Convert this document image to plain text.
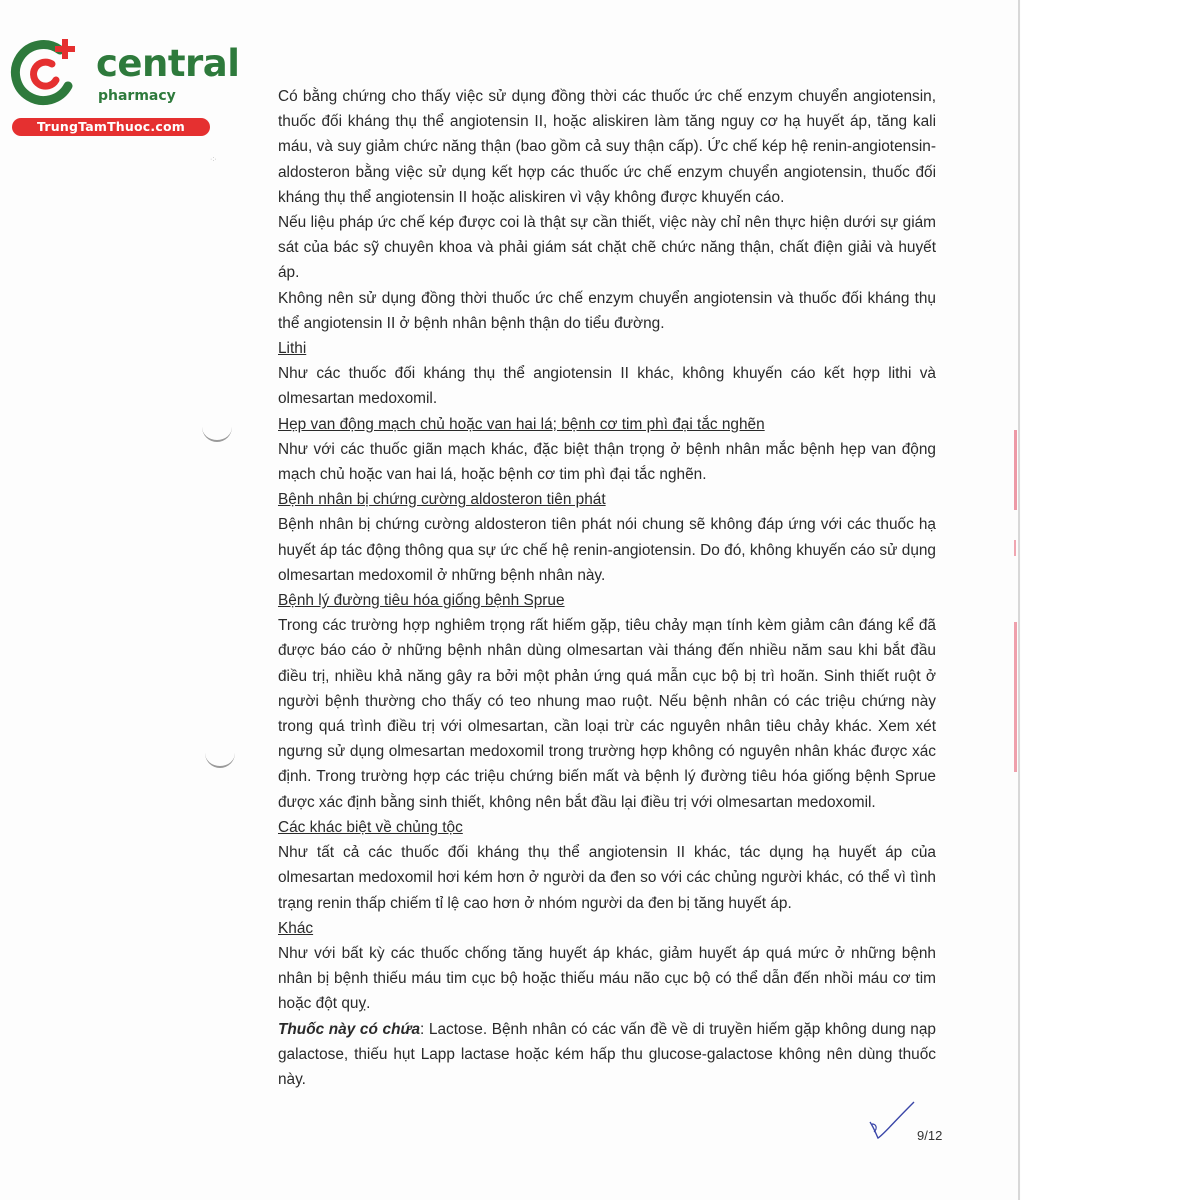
central
pharmacy
TrungTamThuoc.com
·:·

Có bằng chứng cho thấy việc sử dụng đồng thời các thuốc ức chế enzym chuyển angiotensin, thuốc đối kháng thụ thể angiotensin II, hoặc aliskiren làm tăng nguy cơ hạ huyết áp, tăng kali máu, và suy giảm chức năng thận (bao gồm cả suy thận cấp). Ức chế kép hệ renin-angiotensin-aldosteron bằng việc sử dụng kết hợp các thuốc ức chế enzym chuyển angiotensin, thuốc đối kháng thụ thể angiotensin II hoặc aliskiren vì vậy không được khuyến cáo.

Nếu liệu pháp ức chế kép được coi là thật sự cần thiết, việc này chỉ nên thực hiện dưới sự giám sát của bác sỹ chuyên khoa và phải giám sát chặt chẽ chức năng thận, chất điện giải và huyết áp.

Không nên sử dụng đồng thời thuốc ức chế enzym chuyển angiotensin và thuốc đối kháng thụ thể angiotensin II ở bệnh nhân bệnh thận do tiểu đường.

Lithi

Như các thuốc đối kháng thụ thể angiotensin II khác, không khuyến cáo kết hợp lithi và olmesartan medoxomil.

Hẹp van động mạch chủ hoặc van hai lá; bệnh cơ tim phì đại tắc nghẽn

Như với các thuốc giãn mạch khác, đặc biệt thận trọng ở bệnh nhân mắc bệnh hẹp van động mạch chủ hoặc van hai lá, hoặc bệnh cơ tim phì đại tắc nghẽn.

Bệnh nhân bị chứng cường aldosteron tiên phát

Bệnh nhân bị chứng cường aldosteron tiên phát nói chung sẽ không đáp ứng với các thuốc hạ huyết áp tác động thông qua sự ức chế hệ renin-angiotensin. Do đó, không khuyến cáo sử dụng olmesartan medoxomil ở những bệnh nhân này.

Bệnh lý đường tiêu hóa giống bệnh Sprue

Trong các trường hợp nghiêm trọng rất hiếm gặp, tiêu chảy mạn tính kèm giảm cân đáng kể đã được báo cáo ở những bệnh nhân dùng olmesartan vài tháng đến nhiều năm sau khi bắt đầu điều trị, nhiều khả năng gây ra bởi một phản ứng quá mẫn cục bộ bị trì hoãn. Sinh thiết ruột ở người bệnh thường cho thấy có teo nhung mao ruột. Nếu bệnh nhân có các triệu chứng này trong quá trình điều trị với olmesartan, cần loại trừ các nguyên nhân tiêu chảy khác. Xem xét ngưng sử dụng olmesartan medoxomil trong trường hợp không có nguyên nhân khác được xác định. Trong trường hợp các triệu chứng biến mất và bệnh lý đường tiêu hóa giống bệnh Sprue được xác định bằng sinh thiết, không nên bắt đầu lại điều trị với olmesartan medoxomil.

Các khác biệt về chủng tộc

Như tất cả các thuốc đối kháng thụ thể angiotensin II khác, tác dụng hạ huyết áp của olmesartan medoxomil hơi kém hơn ở người da đen so với các chủng người khác, có thể vì tình trạng renin thấp chiếm tỉ lệ cao hơn ở nhóm người da đen bị tăng huyết áp.

Khác

Như với bất kỳ các thuốc chống tăng huyết áp khác, giảm huyết áp quá mức ở những bệnh nhân bị bệnh thiếu máu tim cục bộ hoặc thiếu máu não cục bộ có thể dẫn đến nhồi máu cơ tim hoặc đột quỵ.

Thuốc này có chứa: Lactose. Bệnh nhân có các vấn đề về di truyền hiếm gặp không dung nạp galactose, thiếu hụt Lapp lactase hoặc kém hấp thu glucose-galactose không nên dùng thuốc này.

9/12
